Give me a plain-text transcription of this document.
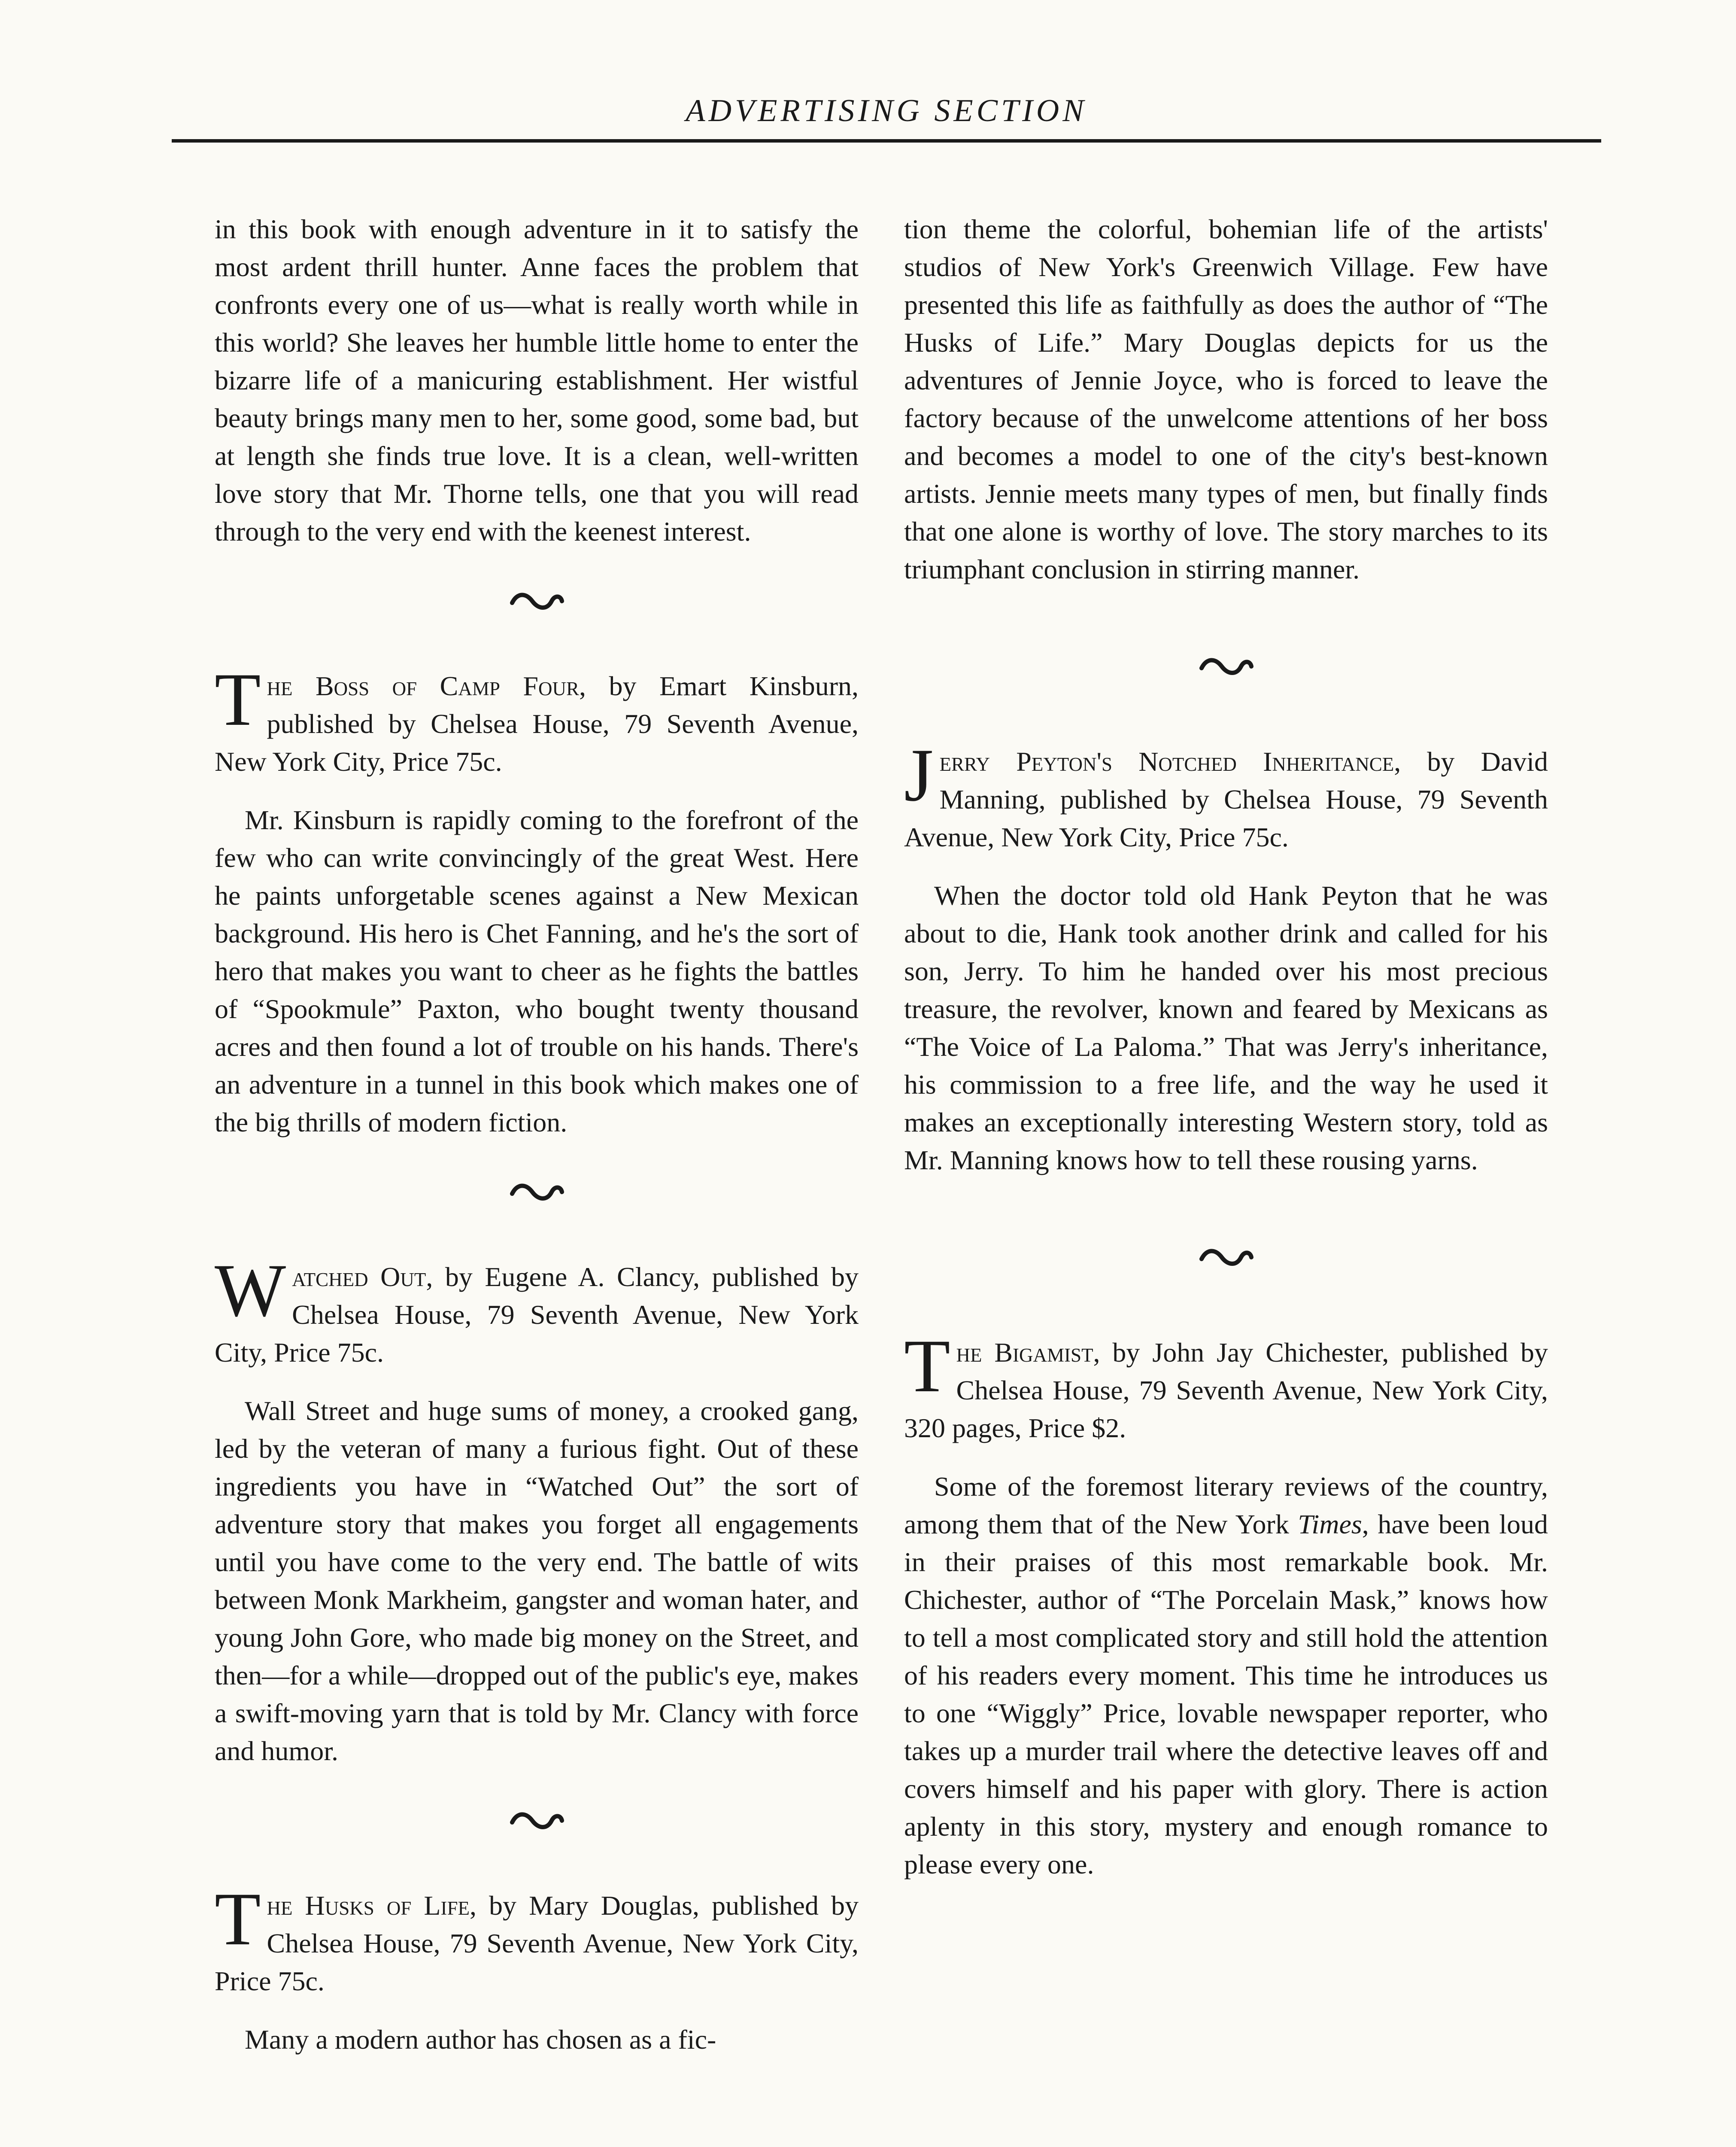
ADVERTISING SECTION

in this book with enough adventure in it to satisfy the most ardent thrill hunter. Anne faces the problem that confronts every one of us—what is really worth while in this world? She leaves her humble little home to enter the bizarre life of a manicuring establishment. Her wistful beauty brings many men to her, some good, some bad, but at length she finds true love. It is a clean, well-written love story that Mr. Thorne tells, one that you will read through to the very end with the keenest interest.

The Boss of Camp Four, by Emart Kinsburn, published by Chelsea House, 79 Seventh Avenue, New York City, Price 75c.

Mr. Kinsburn is rapidly coming to the forefront of the few who can write convincingly of the great West. Here he paints unforgetable scenes against a New Mexican background. His hero is Chet Fanning, and he's the sort of hero that makes you want to cheer as he fights the battles of “Spookmule” Paxton, who bought twenty thousand acres and then found a lot of trouble on his hands. There's an adventure in a tunnel in this book which makes one of the big thrills of modern fiction.

Watched Out, by Eugene A. Clancy, published by Chelsea House, 79 Seventh Avenue, New York City, Price 75c.

Wall Street and huge sums of money, a crooked gang, led by the veteran of many a furious fight. Out of these ingredients you have in “Watched Out” the sort of adventure story that makes you forget all engagements until you have come to the very end. The battle of wits between Monk Markheim, gangster and woman hater, and young John Gore, who made big money on the Street, and then—for a while—dropped out of the public's eye, makes a swift-moving yarn that is told by Mr. Clancy with force and humor.

The Husks of Life, by Mary Douglas, published by Chelsea House, 79 Seventh Avenue, New York City, Price 75c.

Many a modern author has chosen as a fic-

tion theme the colorful, bohemian life of the artists' studios of New York's Greenwich Village. Few have presented this life as faithfully as does the author of “The Husks of Life.” Mary Douglas depicts for us the adventures of Jennie Joyce, who is forced to leave the factory because of the unwelcome attentions of her boss and becomes a model to one of the city's best-known artists. Jennie meets many types of men, but finally finds that one alone is worthy of love. The story marches to its triumphant conclusion in stirring manner.

Jerry Peyton's Notched Inheritance, by David Manning, published by Chelsea House, 79 Seventh Avenue, New York City, Price 75c.

When the doctor told old Hank Peyton that he was about to die, Hank took another drink and called for his son, Jerry. To him he handed over his most precious treasure, the revolver, known and feared by Mexicans as “The Voice of La Paloma.” That was Jerry's inheritance, his commission to a free life, and the way he used it makes an exceptionally interesting Western story, told as Mr. Manning knows how to tell these rousing yarns.

The Bigamist, by John Jay Chichester, published by Chelsea House, 79 Seventh Avenue, New York City, 320 pages, Price $2.

Some of the foremost literary reviews of the country, among them that of the New York Times, have been loud in their praises of this most remarkable book. Mr. Chichester, author of “The Porcelain Mask,” knows how to tell a most complicated story and still hold the attention of his readers every moment. This time he introduces us to one “Wiggly” Price, lovable newspaper reporter, who takes up a murder trail where the detective leaves off and covers himself and his paper with glory. There is action aplenty in this story, mystery and enough romance to please every one.
